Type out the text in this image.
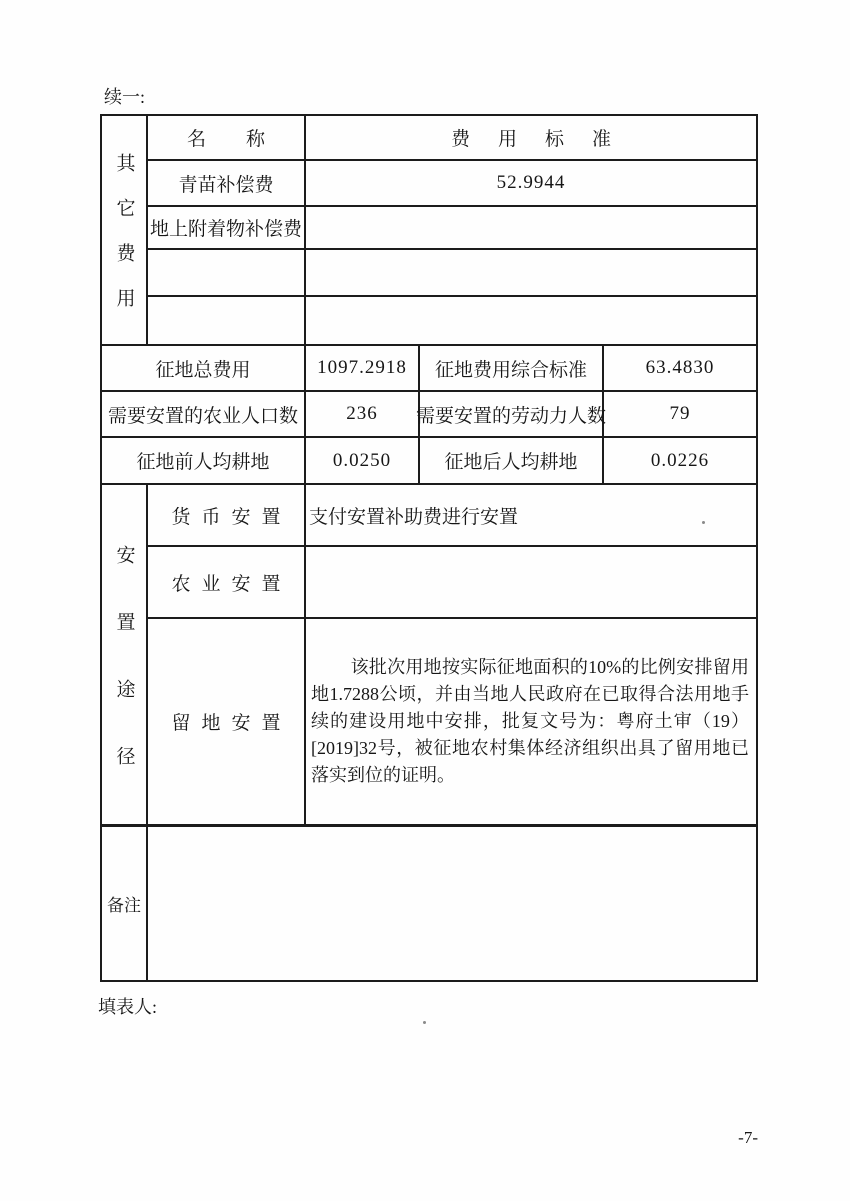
续一:
其它费用
名称	费用标准
青苗补偿费	52.9944
地上附着物补偿费
征地总费用	1097.2918	征地费用综合标准	63.4830
需要安置的农业人口数	236	需要安置的劳动力人数	79
征地前人均耕地	0.0250	征地后人均耕地	0.0226
安置途径
货币安置 支付安置补助费进行安置
农业安置
留地安置

该批次用地按实际征地面积的10%的比例安排留用地1.7288公顷，并由当地人民政府在已取得合法用地手续的建设用地中安排，批复文号为：粤府土审（19）[2019]32号，被征地农村集体经济组织出具了留用地已落实到位的证明。

备注
填表人:
-7-
